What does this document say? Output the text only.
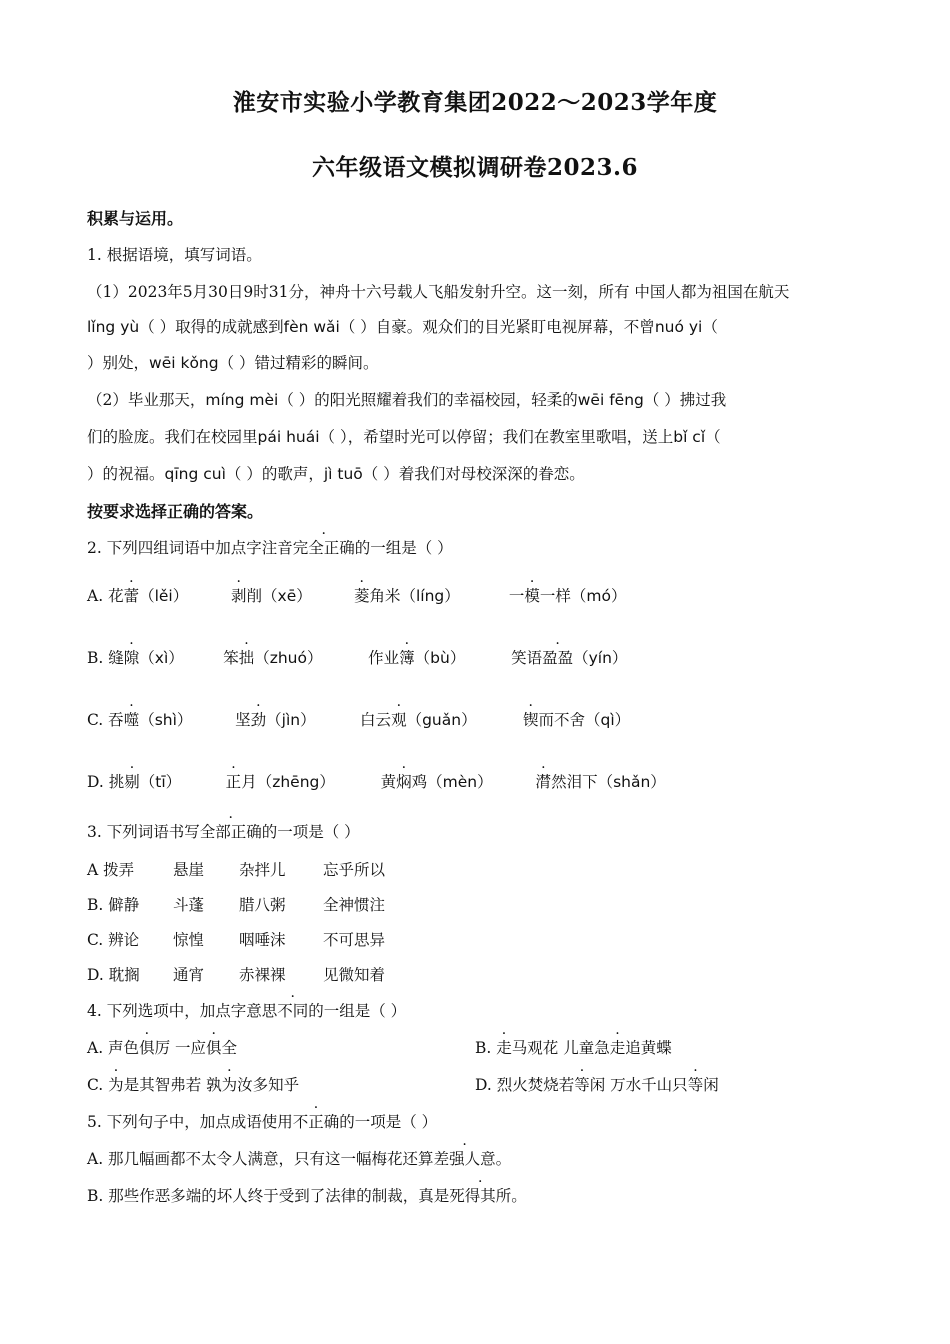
淮安市实验小学教育集团2022～2023学年度
六年级语文模拟调研卷2023.6
积累与运用。
1. 根据语境，填写词语。
（1）2023年5月30日9时31分，神舟十六号载人飞船发射升空。这一刻，所有 中国人都为祖国在航天
lǐng yù（ ）取得的成就感到fèn wǎi（ ）自豪。观众们的目光紧盯电视屏幕，不曾nuó yi（
）别处，wēi kǒng（ ）错过精彩的瞬间。
（2）毕业那天，míng mèi（ ）的阳光照耀着我们的幸福校园，轻柔的wēi fēng（ ）拂过我
们的脸庞。我们在校园里pái huái（ ），希望时光可以停留；我们在教室里歌唱，送上bǐ cǐ（
）的祝福。qīng cuì（ ）的歌声，jì tuō（ ）着我们对母校深深的眷恋。
按要求选择正确的答案。
2. 下列四组词语中加点字注音完全正确的一组是（ ）
A. 花蕾（lěi）	剥削（xē）	菱角米（líng）	一模一样（mó）
B. 缝隙（xì）	笨拙（zhuó）	作业簿（bù）	笑语盈盈（yín）
C. 吞噬（shì）	坚劲（jìn）	白云观（guǎn）	锲而不舍（qì）
D. 挑剔（tī）	正月（zhēng）	黄焖鸡（mèn）	潸然泪下（shǎn）
3. 下列词语书写全部正确的一项是（ ）
A 拨弄	悬崖 杂拌儿 忘乎所以
B. 僻静 斗蓬 腊八粥 全神惯注
C. 辨论 惊惶 咽唾沫 不可思异
D. 耽搁 通宵 赤裸裸 见微知着
4. 下列选项中，加点字意思不同的一组是（ ）
A. 声色俱厉 一应俱全	B. 走马观花 儿童急走追黄蝶
C. 为是其智弗若 孰为汝多知乎	D. 烈火焚烧若等闲 万水千山只等闲
5. 下列句子中，加点成语使用不正确的一项是（ ）
A. 那几幅画都不太令人满意，只有这一幅梅花还算差强人意。
B. 那些作恶多端的坏人终于受到了法律的制裁，真是死得其所。
